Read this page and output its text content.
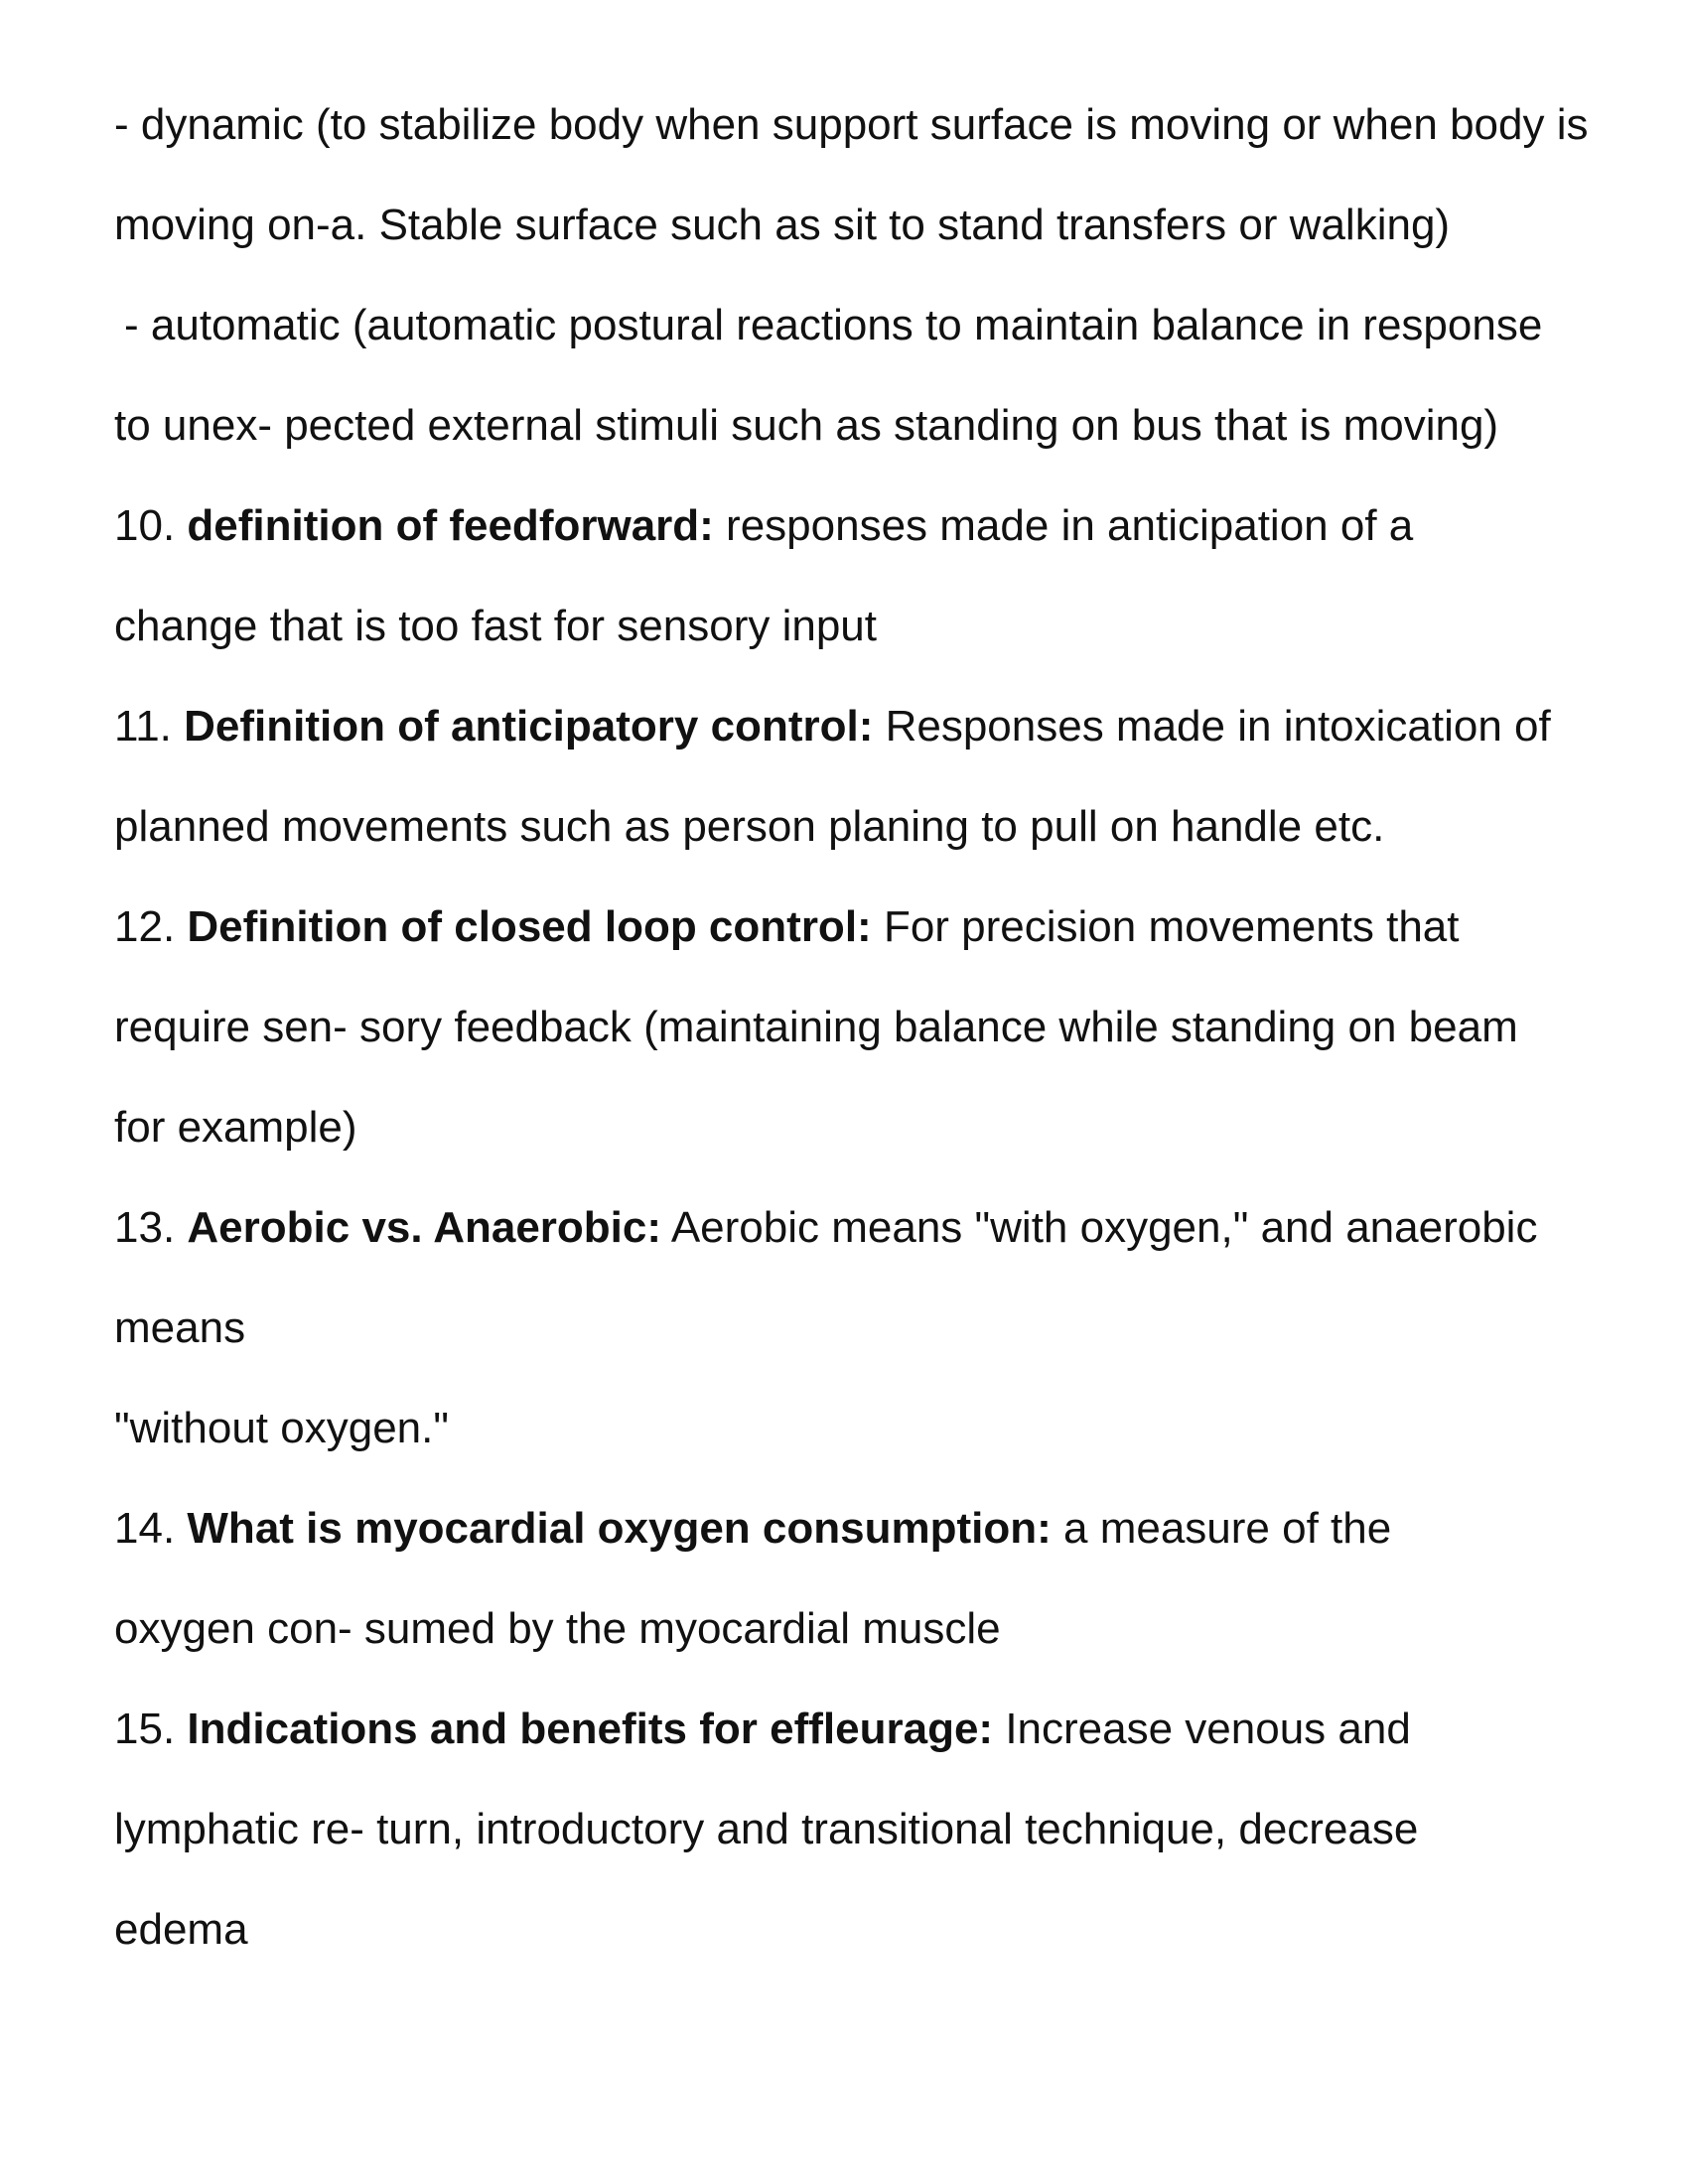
- dynamic (to stabilize body when support surface is moving or when body is
moving on-a. Stable surface such as sit to stand transfers or walking)
- automatic (automatic postural reactions to maintain balance in response
to unex- pected external stimuli such as standing on bus that is moving)
10. definition of feedforward: responses made in anticipation of a
change that is too fast for sensory input
11. Definition of anticipatory control: Responses made in intoxication of
planned movements such as person planing to pull on handle etc.
12. Definition of closed loop control: For precision movements that
require sen- sory feedback (maintaining balance while standing on beam
for example)
13. Aerobic vs. Anaerobic: Aerobic means "with oxygen," and anaerobic
means
"without oxygen."
14. What is myocardial oxygen consumption: a measure of the
oxygen con- sumed by the myocardial muscle
15. Indications and benefits for effleurage: Increase venous and
lymphatic re- turn, introductory and transitional technique, decrease
edema
